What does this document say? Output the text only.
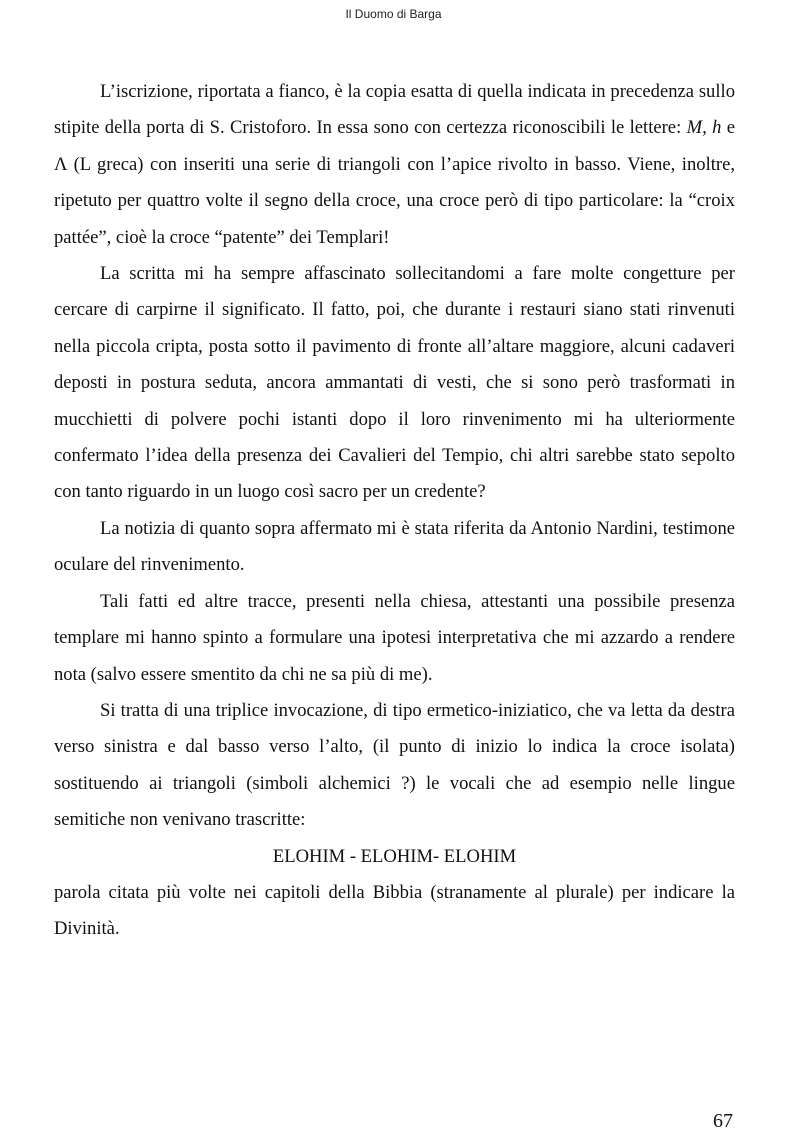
Il Duomo di Barga

L’iscrizione, riportata a fianco, è la copia esatta di quella indicata in precedenza sullo stipite della porta di S. Cristoforo. In essa sono con certezza riconoscibili le lettere: M, h e Λ (L greca) con inseriti una serie di triangoli con l’apice rivolto in basso. Viene, inoltre, ripetuto per quattro volte il segno della croce, una croce però di tipo particolare: la “croix pattée”, cioè la croce “patente” dei Templari!

La scritta mi ha sempre affascinato sollecitandomi a fare molte congetture per cercare di carpirne il significato. Il fatto, poi, che durante i restauri siano stati rinvenuti nella piccola cripta, posta sotto il pavimento di fronte all’altare maggiore, alcuni cadaveri deposti in postura seduta, ancora ammantati di vesti, che si sono però trasformati in mucchietti di polvere pochi istanti dopo il loro rinvenimento mi ha ulteriormente confermato l’idea della presenza dei Cavalieri del Tempio, chi altri sarebbe stato sepolto con tanto riguardo in un luogo così sacro per un credente?

La notizia di quanto sopra affermato mi è stata riferita da Antonio Nardini, testimone oculare del rinvenimento.

Tali fatti ed altre tracce, presenti nella chiesa, attestanti una possibile presenza templare mi hanno spinto a formulare una ipotesi interpretativa che mi azzardo a rendere nota (salvo essere smentito da chi ne sa più di me).

Si tratta di una triplice invocazione, di tipo ermetico-iniziatico, che va letta da destra verso sinistra e dal basso verso l’alto, (il punto di inizio lo indica la croce isolata) sostituendo ai triangoli (simboli alchemici ?) le vocali che ad esempio nelle lingue semitiche non venivano trascritte:

ELOHIM - ELOHIM- ELOHIM

parola citata più volte nei capitoli della Bibbia (stranamente al plurale) per indicare la Divinità.

67
